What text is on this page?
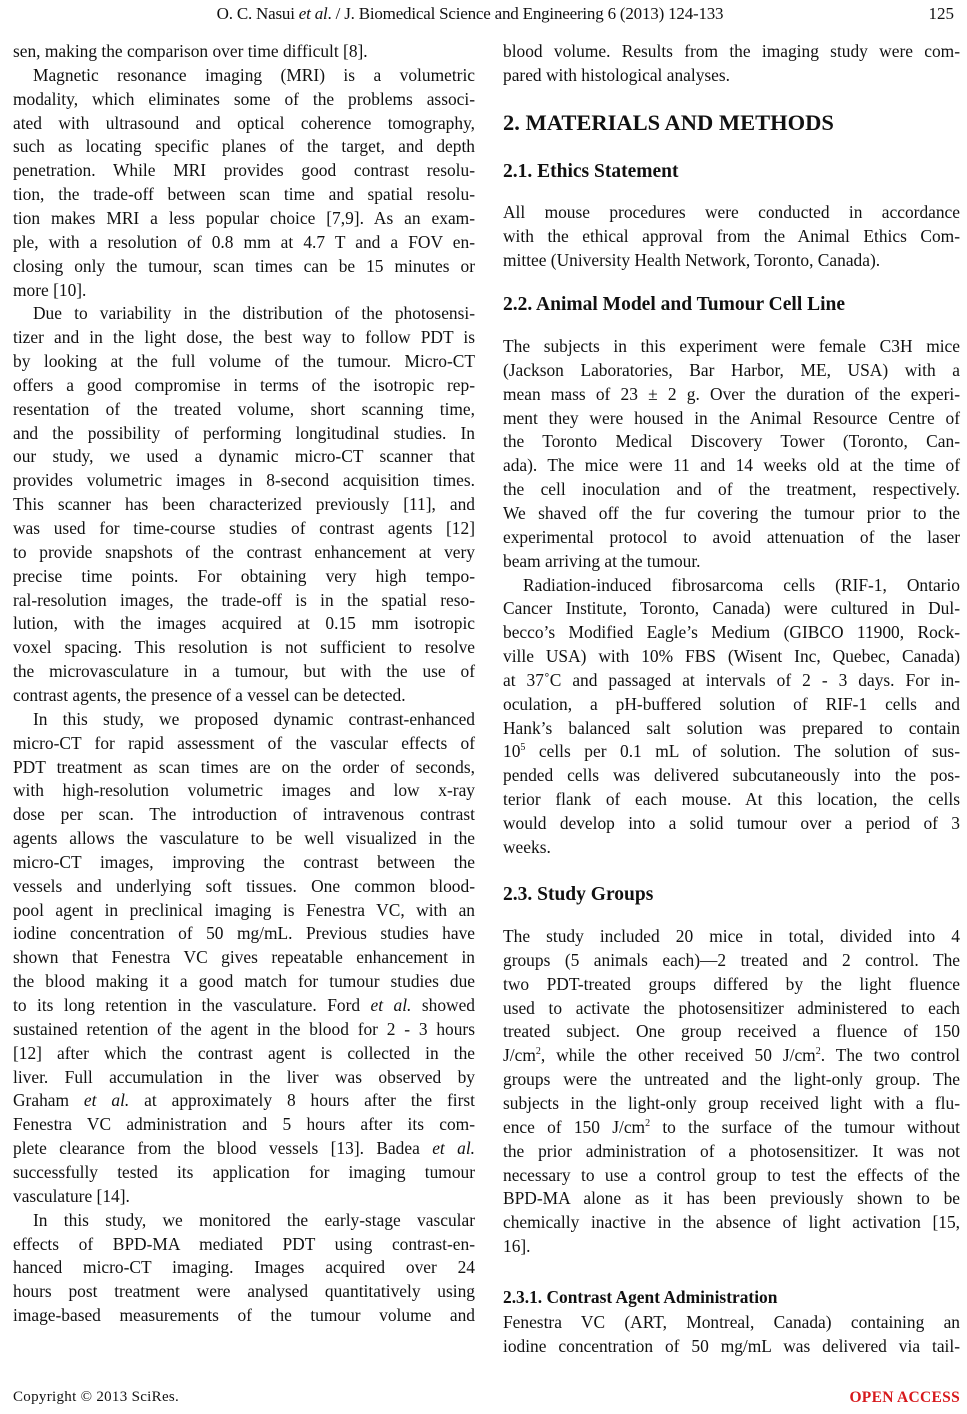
O. C. Nasui et al. / J. Biomedical Science and Engineering 6 (2013) 124-133	125
sen, making the comparison over time difficult [8].
Magnetic resonance imaging (MRI) is a volumetric
modality, which eliminates some of the problems associ-
ated with ultrasound and optical coherence tomography,
such as locating specific planes of the target, and depth
penetration. While MRI provides good contrast resolu-
tion, the trade-off between scan time and spatial resolu-
tion makes MRI a less popular choice [7,9]. As an exam-
ple, with a resolution of 0.8 mm at 4.7 T and a FOV en-
closing only the tumour, scan times can be 15 minutes or
more [10].
Due to variability in the distribution of the photosensi-
tizer and in the light dose, the best way to follow PDT is
by looking at the full volume of the tumour. Micro-CT
offers a good compromise in terms of the isotropic rep-
resentation of the treated volume, short scanning time,
and the possibility of performing longitudinal studies. In
our study, we used a dynamic micro-CT scanner that
provides volumetric images in 8-second acquisition times.
This scanner has been characterized previously [11], and
was used for time-course studies of contrast agents [12]
to provide snapshots of the contrast enhancement at very
precise time points. For obtaining very high tempo-
ral-resolution images, the trade-off is in the spatial reso-
lution, with the images acquired at 0.15 mm isotropic
voxel spacing. This resolution is not sufficient to resolve
the microvasculature in a tumour, but with the use of
contrast agents, the presence of a vessel can be detected.
In this study, we proposed dynamic contrast-enhanced
micro-CT for rapid assessment of the vascular effects of
PDT treatment as scan times are on the order of seconds,
with high-resolution volumetric images and low x-ray
dose per scan. The introduction of intravenous contrast
agents allows the vasculature to be well visualized in the
micro-CT images, improving the contrast between the
vessels and underlying soft tissues. One common blood-
pool agent in preclinical imaging is Fenestra VC, with an
iodine concentration of 50 mg/mL. Previous studies have
shown that Fenestra VC gives repeatable enhancement in
the blood making it a good match for tumour studies due
to its long retention in the vasculature. Ford et al. showed
sustained retention of the agent in the blood for 2 - 3 hours
[12] after which the contrast agent is collected in the
liver. Full accumulation in the liver was observed by
Graham et al. at approximately 8 hours after the first
Fenestra VC administration and 5 hours after its com-
plete clearance from the blood vessels [13]. Badea et al.
successfully tested its application for imaging tumour
vasculature [14].
In this study, we monitored the early-stage vascular
effects of BPD-MA mediated PDT using contrast-en-
hanced micro-CT imaging. Images acquired over 24
hours post treatment were analysed quantitatively using
image-based measurements of the tumour volume and
2. MATERIALS AND METHODS
2.1. Ethics Statement
2.2. Animal Model and Tumour Cell Line
2.3. Study Groups
2.3.1. Contrast Agent Administration
blood volume. Results from the imaging study were com-
pared with histological analyses.
All mouse procedures were conducted in accordance
with the ethical approval from the Animal Ethics Com-
mittee (University Health Network, Toronto, Canada).
The subjects in this experiment were female C3H mice
(Jackson Laboratories, Bar Harbor, ME, USA) with a
mean mass of 23 ± 2 g. Over the duration of the experi-
ment they were housed in the Animal Resource Centre of
the Toronto Medical Discovery Tower (Toronto, Can-
ada). The mice were 11 and 14 weeks old at the time of
the cell inoculation and of the treatment, respectively.
We shaved off the fur covering the tumour prior to the
experimental protocol to avoid attenuation of the laser
beam arriving at the tumour.
Radiation-induced fibrosarcoma cells (RIF-1, Ontario
Cancer Institute, Toronto, Canada) were cultured in Dul-
becco’s Modified Eagle’s Medium (GIBCO 11900, Rock-
ville USA) with 10% FBS (Wisent Inc, Quebec, Canada)
at 37˚C and passaged at intervals of 2 - 3 days. For in-
oculation, a pH-buffered solution of RIF-1 cells and
Hank’s balanced salt solution was prepared to contain
$10^5$ cells per 0.1 mL of solution. The solution of sus-
pended cells was delivered subcutaneously into the pos-
terior flank of each mouse. At this location, the cells
would develop into a solid tumour over a period of 3
weeks.
The study included 20 mice in total, divided into 4
groups (5 animals each)—2 treated and 2 control. The
two PDT-treated groups differed by the light fluence
used to activate the photosensitizer administered to each
treated subject. One group received a fluence of 150
$J/cm^2$, while the other received 50 $J/cm^2$. The two control
groups were the untreated and the light-only group. The
subjects in the light-only group received light with a flu-
ence of 150 $J/cm^2$ to the surface of the tumour without
the prior administration of a photosensitizer. It was not
necessary to use a control group to test the effects of the
BPD-MA alone as it has been previously shown to be
chemically inactive in the absence of light activation [15,
16].
Fenestra VC (ART, Montreal, Canada) containing an
iodine concentration of 50 mg/mL was delivered via tail-
Copyright © 2013 SciRes.	OPEN ACCESS
